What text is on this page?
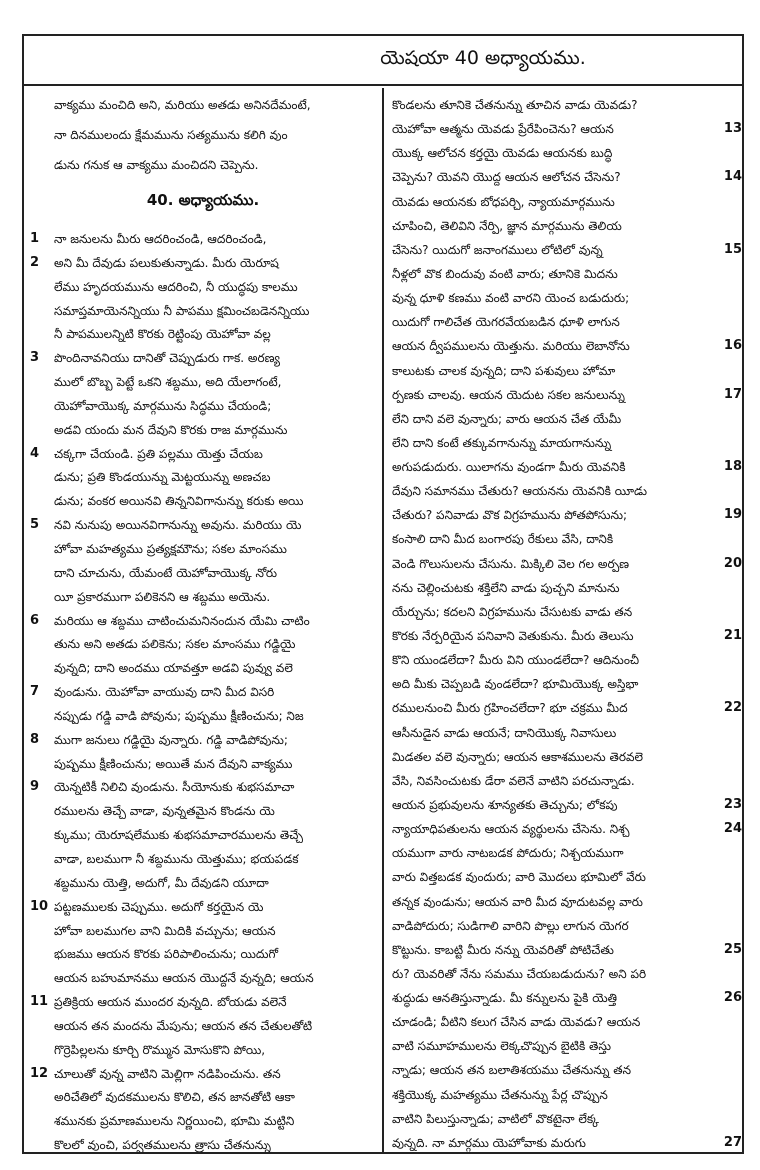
యెషయా 40 అధ్యాయము.
వాక్యము మంచిది అని, మరియు అతడు అనినదేమంటే,
నా దినములందు క్షేమమును సత్యమును కలిగి వుం
డును గనుక ఆ వాక్యము మంచిదని చెప్పెను.
40. అధ్యాయము.
1	నా జనులను మీరు ఆదరించండి, ఆదరించండి,
2	అని మీ దేవుడు పలుకుతున్నాడు. మీరు యెరూష
లేము హృదయమును ఆదరించి, నీ యుద్ధపు కాలము
సమాప్తమాయెనన్నియు నీ పాపము క్షమించబడెనన్నియు
నీ పాపములన్నిటి కొరకు రెట్టింపు యెహోవా వల్ల
3	పొందినావనియు దానితో చెప్పుడురు గాక. అరణ్య
ములో బొబ్బ పెట్టే ఒకని శబ్దము, అది యేలాగంటే,
యెహోవాయొక్క మార్గమును సిద్ధము చేయండి;
అడవి యందు మన దేవుని కొరకు రాజ మార్గమును
4	చక్కగా చేయండి. ప్రతి పల్లము యెత్తు చేయబ
డును; ప్రతి కొండయున్ను మెట్టయున్ను అణచబ
డును; వంకర అయినవి తిన్ననివిగానున్ను కరుకు అయి
5	నవి నునుపు అయినవిగానున్ను అవును. మరియు యె
హోవా మహత్యము ప్రత్యక్షమౌను; సకల మాంసము
దాని చూచును, యేమంటే యెహోవాయొక్క నోరు
యీ ప్రకారముగా పలికెనని ఆ శబ్దము అయెను.
6	మరియు ఆ శబ్దము చాటించుమనినందున యేమి చాటిం
తును అని అతడు పలికెను; సకల మాంసము గడ్డియై
వున్నది; దాని అందము యావత్తూ అడవి పువ్వు వలె
7	వుండును. యెహోవా వాయువు దాని మీద విసరి
నప్పుడు గడ్డి వాడి పోవును; పుష్పము క్షీణించును; నిజ
8	ముగా జనులు గడ్డియై వున్నారు. గడ్డి వాడిపోవును;
పుష్పము క్షీణించును; అయితే మన దేవుని వాక్యము
9	యెన్నటికీ నిలిచి వుండును. సీయోనుకు శుభసమాచా
రములను తెచ్చే వాడా, వున్నతమైన కొండను యె
క్కుము; యెరూషలేముకు శుభసమాచారములను తెచ్చే
వాడా, బలముగా నీ శబ్దమును యెత్తుము; భయపడక
శబ్దమును యెత్తి, అదుగో, మీ దేవుడని యూదా
10 పట్టణములకు చెప్పుము. అదుగో కర్తయైన యె
హోవా బలముగల వాని మిదికి వచ్చును; ఆయన
భుజము ఆయన కొరకు పరిపాలించును; యిదుగో
ఆయన బహుమానము ఆయన యొద్దనే వున్నది; ఆయన
11 ప్రతిక్రియ ఆయన ముందర వున్నది. బోయడు వలెనే
ఆయన తన మందను మేపును; ఆయన తన చేతులతోటి
గొర్రెపిల్లలను కూర్చి రొమ్మున మోసుకొని పోయి,
12 చూలుతో వున్న వాటిని మెల్లిగా నడిపించును. తన
అరిచేతిలో వుదకములను కొలిచి, తన జానతోటి ఆకా
శమునకు ప్రమాణములను నిర్ణయించి, భూమి మట్టిని
కొలలో వుంచి, పర్వతములను త్రాసు చేతనున్ను
కొండలను తూనికె చేతనున్ను తూచిన వాడు యెవడు?
13
యెహోవా ఆత్మను యెవడు ప్రేరేపించెను? ఆయన
యొక్క ఆలోచన కర్తయై యెవడు ఆయనకు బుద్ధి
14
చెప్పెను? యెవని యొద్ద ఆయన ఆలోచన చేసెను?
యెవడు ఆయనకు బోధపర్చి, న్యాయమార్గమును
చూపించి, తెలివిని నేర్పి, జ్ఞాన మార్గమును తెలియ
15
చేసెను? యిదుగో జనాంగములు లోటిలో వున్న
నీళ్లలో వొక బిందువు వంటి వారు; తూనికె మిదను
వున్న ధూళి కణము వంటి వారని యెంచ బడుదురు;
యిదుగో గాలిచేత యెగరవేయబడిన ధూళి లాగున
16
ఆయన ద్వీపములను యెత్తును. మరియు లెబానోను
కాలుటకు చాలక వున్నది; దాని పశువులు హోమా
17
ర్పణకు చాలవు. ఆయన యెదుట సకల జనులున్ను
లేని దాని వలె వున్నారు; వారు ఆయన చేత యేమీ
లేని దాని కంటే తక్కువగానున్ను మాయగానున్ను
18
అగుపడుదురు. యిలాగను వుండగా మీరు యెవనికి
దేవుని సమానము చేతురు? ఆయనను యెవనికి యీడు
19
చేతురు? పనివాడు వొక విగ్రహమును పోతపోసును;
కంసాలి దాని మీద బంగారపు రేకులు వేసి, దానికి
20
వెండి గొలుసులను చేసును. మిక్కిలి వెల గల అర్పణ
నను చెల్లించుటకు శక్తిలేని వాడు పుచ్చని మానును
యేర్చును; కదలని విగ్రహమును చేసుటకు వాడు తన
21
కొరకు నేర్పరియైన పనివాని వెతుకును. మీరు తెలుసు
కొని యుండలేదా? మీరు విని యుండలేదా? ఆదినుంచీ
అది మీకు చెప్పబడి వుండలేదా? భూమియొక్క అస్తిభా
22
రములనుంచి మీరు గ్రహించలేదా? భూ చక్రము మీద
ఆసీనుడైన వాడు ఆయనే; దానియొక్క నివాసులు
మిడతల వలె వున్నారు; ఆయన ఆకాశములను తెరవలె
వేసి, నివసించుటకు డేరా వలెనే వాటిని పరచున్నాడు.
23
ఆయన ప్రభువులను శూన్యతకు తెచ్చును; లోకపు
24
న్యాయాధిపతులను ఆయన వ్యర్థులను చేసెను. నిశ్చ
యముగా వారు నాటబడక పోదురు; నిశ్చయముగా
వారు విత్తబడక వుందురు; వారి మొదలు భూమిలో వేరు
తన్నక వుండును; ఆయన వారి మీద వూదుటవల్ల వారు
వాడిపోదురు; సుడిగాలి వారిని పొల్లు లాగున యెగర
25
కొట్టును. కాబట్టి మీరు నన్ను యెవరితో పోటిచేతు
రు? యెవరితో నేను సమము చేయబడుదును? అని పరి
26
శుద్ధుడు ఆనతిస్తున్నాడు. మీ కన్నులను పైకి యెత్తి
చూడండి; వీటిని కలుగ చేసిన వాడు యెవడు? ఆయన
వాటి సమూహములను లెక్కచొప్పున బైటికి తెస్తు
న్నాడు; ఆయన తన బలాతిశయము చేతనున్ను తన
శక్తియొక్క మహత్యము చేతనున్ను పేర్ల చొప్పున
వాటిని పిలుస్తున్నాడు; వాటిలో వొకటైనా లేక్క
27
వున్నది. నా మార్గము యెహోవాకు మరుగు
